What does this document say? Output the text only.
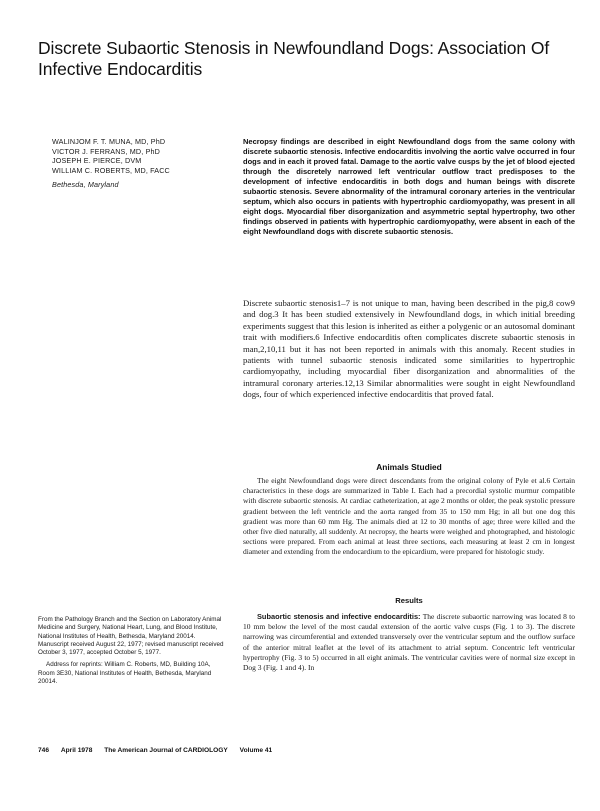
Discrete Subaortic Stenosis in Newfoundland Dogs: Association Of Infective Endocarditis
WALINJOM F. T. MUNA, MD, PhD
VICTOR J. FERRANS, MD, PhD
JOSEPH E. PIERCE, DVM
WILLIAM C. ROBERTS, MD, FACC
Bethesda, Maryland

Necropsy findings are described in eight Newfoundland dogs from the same colony with discrete subaortic stenosis. Infective endocarditis involving the aortic valve occurred in four dogs and in each it proved fatal. Damage to the aortic valve cusps by the jet of blood ejected through the discretely narrowed left ventricular outflow tract predisposes to the development of infective endocarditis in both dogs and human beings with discrete subaortic stenosis. Severe abnormality of the intramural coronary arteries in the ventricular septum, which also occurs in patients with hypertrophic cardiomyopathy, was present in all eight dogs. Myocardial fiber disorganization and asymmetric septal hypertrophy, two other findings observed in patients with hypertrophic cardiomyopathy, were absent in each of the eight Newfoundland dogs with discrete subaortic stenosis.

Discrete subaortic stenosis1–7 is not unique to man, having been described in the pig,8 cow9 and dog.3 It has been studied extensively in Newfoundland dogs, in which initial breeding experiments suggest that this lesion is inherited as either a polygenic or an autosomal dominant trait with modifiers.6 Infective endocarditis often complicates discrete subaortic stenosis in man,2,10,11 but it has not been reported in animals with this anomaly. Recent studies in patients with tunnel subaortic stenosis indicated some similarities to hypertrophic cardiomyopathy, including myocardial fiber disorganization and abnormalities of the intramural coronary arteries.12,13 Similar abnormalities were sought in eight Newfoundland dogs, four of which experienced infective endocarditis that proved fatal.

Animals Studied

The eight Newfoundland dogs were direct descendants from the original colony of Pyle et al.6 Certain characteristics in these dogs are summarized in Table I. Each had a precordial systolic murmur compatible with discrete subaortic stenosis. At cardiac catheterization, at age 2 months or older, the peak systolic pressure gradient between the left ventricle and the aorta ranged from 35 to 150 mm Hg; in all but one dog this gradient was more than 60 mm Hg. The animals died at 12 to 30 months of age; three were killed and the other five died naturally, all suddenly. At necropsy, the hearts were weighed and photographed, and histologic sections were prepared. From each animal at least three sections, each measuring at least 2 cm in longest diameter and extending from the endocardium to the epicardium, were prepared for histologic study.

Results

Subaortic stenosis and infective endocarditis: The discrete subaortic narrowing was located 8 to 10 mm below the level of the most caudal extension of the aortic valve cusps (Fig. 1 to 3). The discrete narrowing was circumferential and extended transversely over the ventricular septum and the outflow surface of the anterior mitral leaflet at the level of its attachment to atrial septum. Concentric left ventricular hypertrophy (Fig. 3 to 5) occurred in all eight animals. The ventricular cavities were of normal size except in Dog 3 (Fig. 1 and 4). In

From the Pathology Branch and the Section on Laboratory Animal Medicine and Surgery, National Heart, Lung, and Blood Institute, National Institutes of Health, Bethesda, Maryland 20014. Manuscript received August 22, 1977; revised manuscript received October 3, 1977, accepted October 5, 1977.

Address for reprints: William C. Roberts, MD, Building 10A, Room 3E30, National Institutes of Health, Bethesda, Maryland 20014.

746 April 1978 The American Journal of CARDIOLOGY Volume 41
